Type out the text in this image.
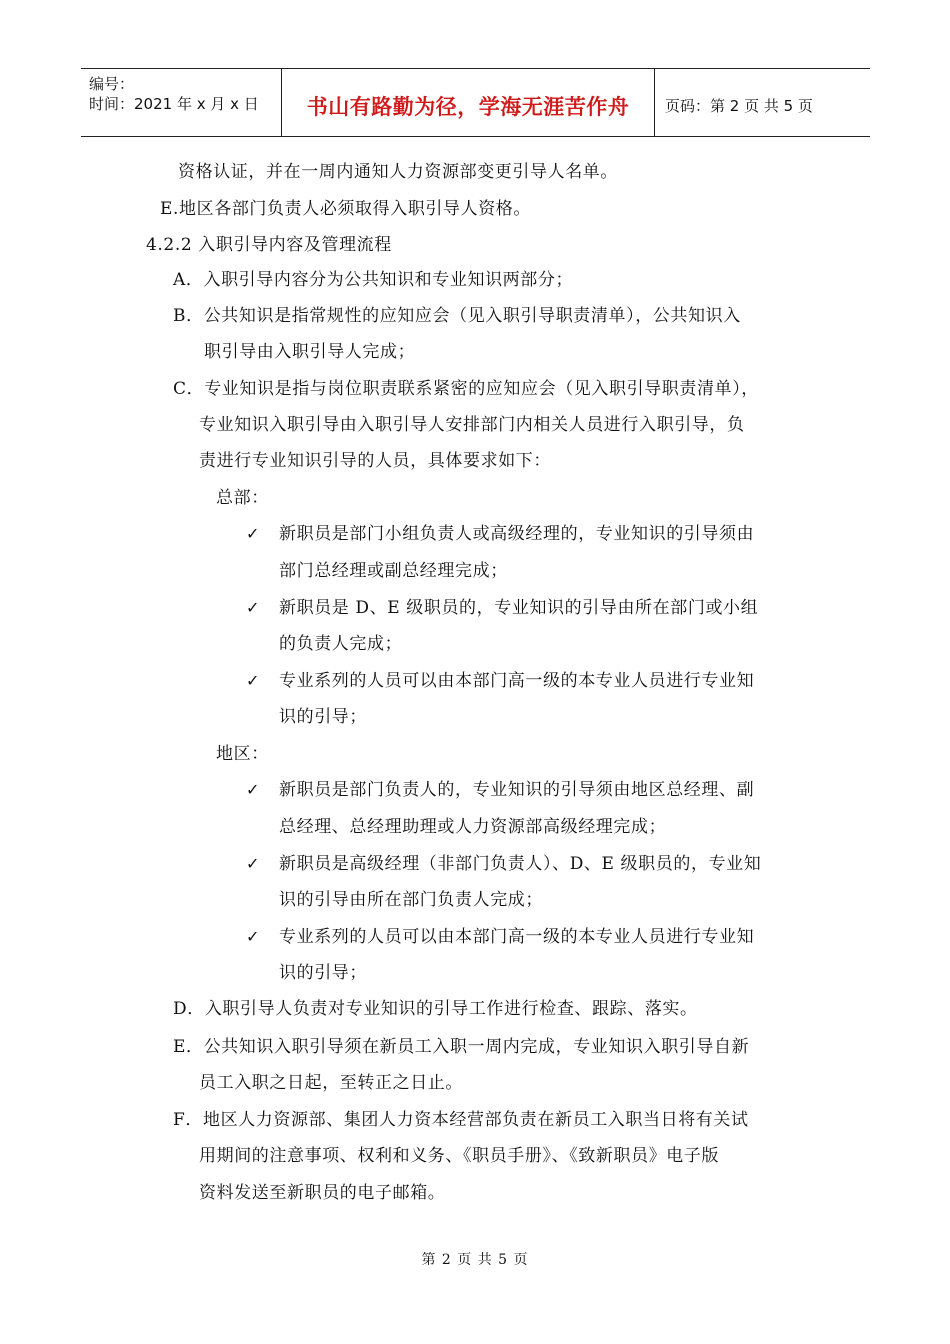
编号：
时间：2021 年 x 月 x 日	书山有路勤为径，学海无涯苦作舟	页码：第 2 页 共 5 页
资格认证，并在一周内通知人力资源部变更引导人名单。
E.地区各部门负责人必须取得入职引导人资格。
4.2.2 入职引导内容及管理流程
A．入职引导内容分为公共知识和专业知识两部分；
B．公共知识是指常规性的应知应会（见入职引导职责清单），公共知识入
职引导由入职引导人完成；
C．专业知识是指与岗位职责联系紧密的应知应会（见入职引导职责清单），
专业知识入职引导由入职引导人安排部门内相关人员进行入职引导，负
责进行专业知识引导的人员，具体要求如下：
总部：
✓ 新职员是部门小组负责人或高级经理的，专业知识的引导须由
部门总经理或副总经理完成；
✓ 新职员是 D、E 级职员的，专业知识的引导由所在部门或小组
的负责人完成；
✓ 专业系列的人员可以由本部门高一级的本专业人员进行专业知
识的引导；
地区：
✓ 新职员是部门负责人的，专业知识的引导须由地区总经理、副
总经理、总经理助理或人力资源部高级经理完成；
✓ 新职员是高级经理（非部门负责人）、D、E 级职员的，专业知
识的引导由所在部门负责人完成；
✓ 专业系列的人员可以由本部门高一级的本专业人员进行专业知
识的引导；
D．入职引导人负责对专业知识的引导工作进行检查、跟踪、落实。
E．公共知识入职引导须在新员工入职一周内完成，专业知识入职引导自新
员工入职之日起，至转正之日止。
F．地区人力资源部、集团人力资本经营部负责在新员工入职当日将有关试
用期间的注意事项、权利和义务、《职员手册》、《致新职员》电子版
资料发送至新职员的电子邮箱。
第 2 页 共 5 页
